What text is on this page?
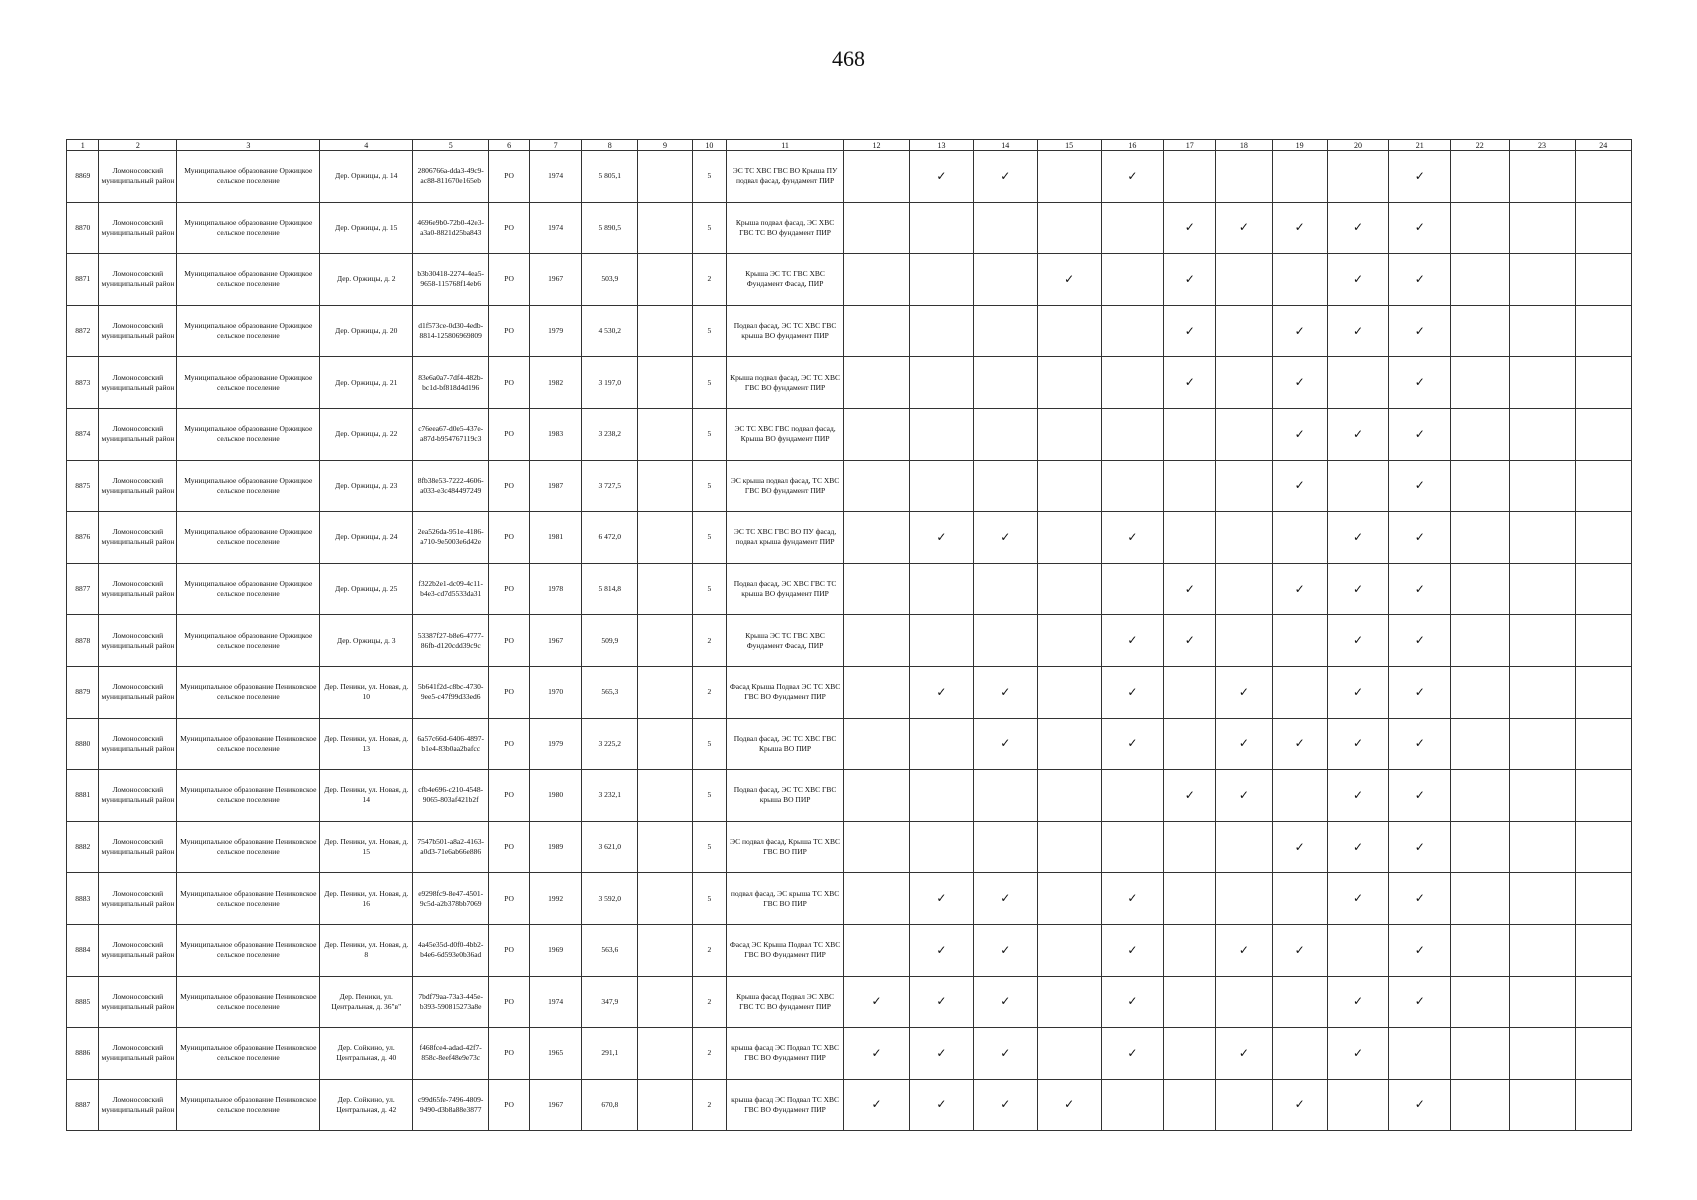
468
1	2	3	4	5	6	7	8	9	10	11	12	13	14	15	16	17	18	19	20	21	22	23	24
8869	Ломоносовский муниципальный район	Муниципальное образование Оржицкое сельское поселение	Дер. Оржицы, д. 14	2806766a-dda3-49c9-ac88-811670e165eb	РО	1974	5 805,1		5	ЭС ТС ХВС ГВС ВО Крыша ПУ подвал фасад, фундамент ПИР		✓	✓		✓					✓			
8870	Ломоносовский муниципальный район	Муниципальное образование Оржицкое сельское поселение	Дер. Оржицы, д. 15	4696e9b0-72b0-42e3-a3a0-8821d25ba843	РО	1974	5 890,5		5	Крыша подвал фасад, ЭС ХВС ГВС ТС ВО фундамент ПИР						✓	✓	✓	✓	✓			
8871	Ломоносовский муниципальный район	Муниципальное образование Оржицкое сельское поселение	Дер. Оржицы, д. 2	b3b30418-2274-4ea5-9658-115768f14eb6	РО	1967	503,9		2	Крыша ЭС ТС ГВС ХВС Фундамент Фасад, ПИР				✓		✓			✓	✓			
8872	Ломоносовский муниципальный район	Муниципальное образование Оржицкое сельское поселение	Дер. Оржицы, д. 20	d1f573ce-0d30-4edb-8814-125806969809	РО	1979	4 530,2		5	Подвал фасад, ЭС ТС ХВС ГВС крыша ВО фундамент ПИР						✓		✓	✓	✓			
8873	Ломоносовский муниципальный район	Муниципальное образование Оржицкое сельское поселение	Дер. Оржицы, д. 21	83e6a0a7-7df4-482b-bc1d-bf818d4d196	РО	1982	3 197,0		5	Крыша подвал фасад, ЭС ТС ХВС ГВС ВО фундамент ПИР						✓		✓		✓			
8874	Ломоносовский муниципальный район	Муниципальное образование Оржицкое сельское поселение	Дер. Оржицы, д. 22	c76eea67-d0e5-437e-a87d-b954767119c3	РО	1983	3 238,2		5	ЭС ТС ХВС ГВС подвал фасад, Крыша ВО фундамент ПИР								✓	✓	✓			
8875	Ломоносовский муниципальный район	Муниципальное образование Оржицкое сельское поселение	Дер. Оржицы, д. 23	8fb38e53-7222-4606-a033-e3c484497249	РО	1987	3 727,5		5	ЭС крыша подвал фасад, ТС ХВС ГВС ВО фундамент ПИР								✓		✓			
8876	Ломоносовский муниципальный район	Муниципальное образование Оржицкое сельское поселение	Дер. Оржицы, д. 24	2ea526da-951e-4186-a710-9e5003e6d42e	РО	1981	6 472,0		5	ЭС ТС ХВС ГВС ВО ПУ фасад, подвал крыша фундамент ПИР		✓	✓		✓				✓	✓			
8877	Ломоносовский муниципальный район	Муниципальное образование Оржицкое сельское поселение	Дер. Оржицы, д. 25	f322b2e1-dc09-4c11-b4e3-cd7d5533da31	РО	1978	5 814,8		5	Подвал фасад, ЭС ХВС ГВС ТС крыша ВО фундамент ПИР						✓		✓	✓	✓			
8878	Ломоносовский муниципальный район	Муниципальное образование Оржицкое сельское поселение	Дер. Оржицы, д. 3	53387f27-b8e6-4777-86fb-d120cdd39c9c	РО	1967	509,9		2	Крыша ЭС ТС ГВС ХВС Фундамент Фасад, ПИР					✓	✓			✓	✓			
8879	Ломоносовский муниципальный район	Муниципальное образование Пениковское сельское поселение	Дер. Пеники, ул. Новая, д. 10	5b641f2d-c8bc-4730-9ee5-c47f99d33ed6	РО	1970	565,3		2	Фасад Крыша Подвал ЭС ТС ХВС ГВС ВО Фундамент ПИР		✓	✓		✓		✓		✓	✓			
8880	Ломоносовский муниципальный район	Муниципальное образование Пениковское сельское поселение	Дер. Пеники, ул. Новая, д. 13	6a57c66d-6406-4897-b1e4-83b0aa2bafcc	РО	1979	3 225,2		5	Подвал фасад, ЭС ТС ХВС ГВС Крыша ВО ПИР			✓		✓		✓	✓	✓	✓			
8881	Ломоносовский муниципальный район	Муниципальное образование Пениковское сельское поселение	Дер. Пеники, ул. Новая, д. 14	cfb4e696-c210-4548-9065-803af421b2f	РО	1980	3 232,1		5	Подвал фасад, ЭС ТС ХВС ГВС крыша ВО ПИР						✓	✓		✓	✓			
8882	Ломоносовский муниципальный район	Муниципальное образование Пениковское сельское поселение	Дер. Пеники, ул. Новая, д. 15	7547b501-a8a2-4163-a0d3-71e6ab66e886	РО	1989	3 621,0		5	ЭС подвал фасад, Крыша ТС ХВС ГВС ВО ПИР								✓	✓	✓			
8883	Ломоносовский муниципальный район	Муниципальное образование Пениковское сельское поселение	Дер. Пеники, ул. Новая, д. 16	e9298fc9-8e47-4501-9c5d-a2b378bb7069	РО	1992	3 592,0		5	подвал фасад, ЭС крыша ТС ХВС ГВС ВО ПИР		✓	✓		✓				✓	✓			
8884	Ломоносовский муниципальный район	Муниципальное образование Пениковское сельское поселение	Дер. Пеники, ул. Новая, д. 8	4a45e35d-d0f0-4bb2-b4e6-6d593e0b36ad	РО	1969	563,6		2	Фасад ЭС Крыша Подвал ТС ХВС ГВС ВО Фундамент ПИР		✓	✓		✓		✓	✓		✓			
8885	Ломоносовский муниципальный район	Муниципальное образование Пениковское сельское поселение	Дер. Пеники, ул. Центральная, д. 36"в"	7bdf79aa-73a3-445e-b393-590815273a8e	РО	1974	347,9		2	Крыша фасад Подвал ЭС ХВС ГВС ТС ВО фундамент ПИР	✓	✓	✓		✓				✓	✓			
8886	Ломоносовский муниципальный район	Муниципальное образование Пениковское сельское поселение	Дер. Сойкино, ул. Центральная, д. 40	f468fce4-adad-42f7-858c-8eef48e9e73c	РО	1965	291,1		2	крыша фасад ЭС Подвал ТС ХВС ГВС ВО Фундамент ПИР	✓	✓	✓		✓		✓		✓				
8887	Ломоносовский муниципальный район	Муниципальное образование Пениковское сельское поселение	Дер. Сойкино, ул. Центральная, д. 42	c99d65fe-7496-4809-9490-d3b8a88e3877	РО	1967	670,8		2	крыша фасад ЭС Подвал ТС ХВС ГВС ВО Фундамент ПИР	✓	✓	✓	✓				✓		✓			
